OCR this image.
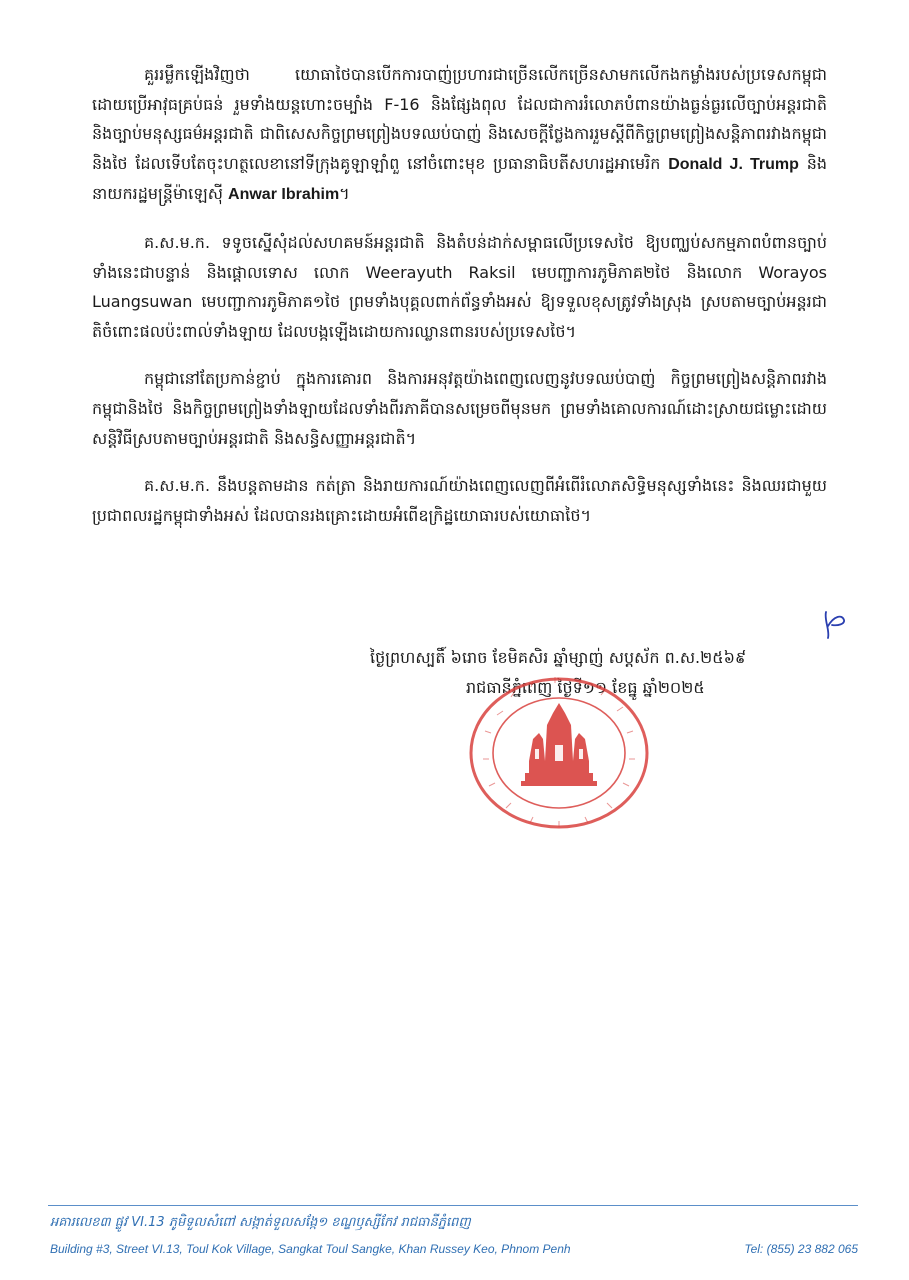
គួររម្លឹកឡើងវិញថា យោធាថៃបានបើកការបាញ់ប្រហារជាច្រើនលើកច្រើនសាមកលើកងកម្លាំងរបស់ប្រទេសកម្ពុជា ដោយប្រើអាវុធគ្រប់ធន់ រួមទាំងយន្តហោះចម្បាំង F-16 និងផ្សែងពុល ដែលជាការរំលោភបំពានយ៉ាងធ្ងន់ធ្ងរលើច្បាប់អន្តរជាតិ និងច្បាប់មនុស្សធម៌អន្តរជាតិ ជាពិសេសកិច្ចព្រមព្រៀងបទឈប់បាញ់ និងសេចក្តីថ្លែងការរួមស្តីពីកិច្ចព្រមព្រៀងសន្តិភាពរវាងកម្ពុជានិងថៃ ដែលទើបតែចុះហត្ថលេខានៅទីក្រុងគូឡាឡាំពួ នៅចំពោះមុខ ប្រធានាធិបតីសហរដ្ឋអាមេរិក Donald J. Trump និង នាយករដ្ឋមន្ត្រីម៉ាឡេស៊ី Anwar Ibrahim។

គ.ស.ម.ក. ទទូចស្នើសុំដល់សហគមន៍អន្តរជាតិ និងតំបន់ដាក់សម្ពាធលើប្រទេសថៃ ឱ្យបញ្ឈប់សកម្មភាពបំពានច្បាប់ទាំងនេះជាបន្ទាន់ និងផ្តោលទោស លោក Weerayuth Raksil មេបញ្ជាការភូមិភាគ២ថៃ និងលោក Worayos Luangsuwan មេបញ្ជាការភូមិភាគ១ថៃ ព្រមទាំងបុគ្គលពាក់ព័ន្ធទាំងអស់ ឱ្យទទួលខុសត្រូវទាំងស្រុង ស្របតាមច្បាប់អន្តរជាតិចំពោះផលប៉ះពាល់ទាំងឡាយ ដែលបង្កឡើងដោយការឈ្លានពានរបស់ប្រទេសថៃ។

កម្ពុជានៅតែប្រកាន់ខ្ជាប់ ក្នុងការគោរព និងការអនុវត្តយ៉ាងពេញលេញនូវបទឈប់បាញ់ កិច្ចព្រមព្រៀងសន្តិភាពរវាងកម្ពុជានិងថៃ និងកិច្ចព្រមព្រៀងទាំងឡាយដែលទាំងពីរភាគីបានសម្រេចពីមុនមក ព្រមទាំងគោលការណ៍ដោះស្រាយជម្លោះដោយសន្តិវិធីស្របតាមច្បាប់អន្តរជាតិ និងសន្ធិសញ្ញាអន្តរជាតិ។

គ.ស.ម.ក. នឹងបន្តតាមដាន កត់ត្រា និងរាយការណ៍យ៉ាងពេញលេញពីអំពើរំលោភសិទ្ធិមនុស្សទាំងនេះ និងឈរជាមួយប្រជាពលរដ្ឋកម្ពុជាទាំងអស់ ដែលបានរងគ្រោះដោយអំពើឧក្រិដ្ឋយោធារបស់យោធាថៃ។

ថ្ងៃព្រហស្បតិ៍ ៦រោច ខែមិគសិរ ឆ្នាំម្សាញ់ សប្តស័ក ព.ស.២៥៦៩
រាជធានីភ្នំពេញ ថ្ងៃទី១១ ខែធ្នូ ឆ្នាំ២០២៥
អគារលេខ៣ ផ្លូវ VI.13 ភូមិទួលសំពៅ សង្កាត់ទួលសង្កែ១ ខណ្ឌឫស្សីកែវ រាជធានីភ្នំពេញ
Building #3, Street VI.13, Toul Kok Village, Sangkat Toul Sangke, Khan Russey Keo, Phnom Penh	Tel: (855) 23 882 065
